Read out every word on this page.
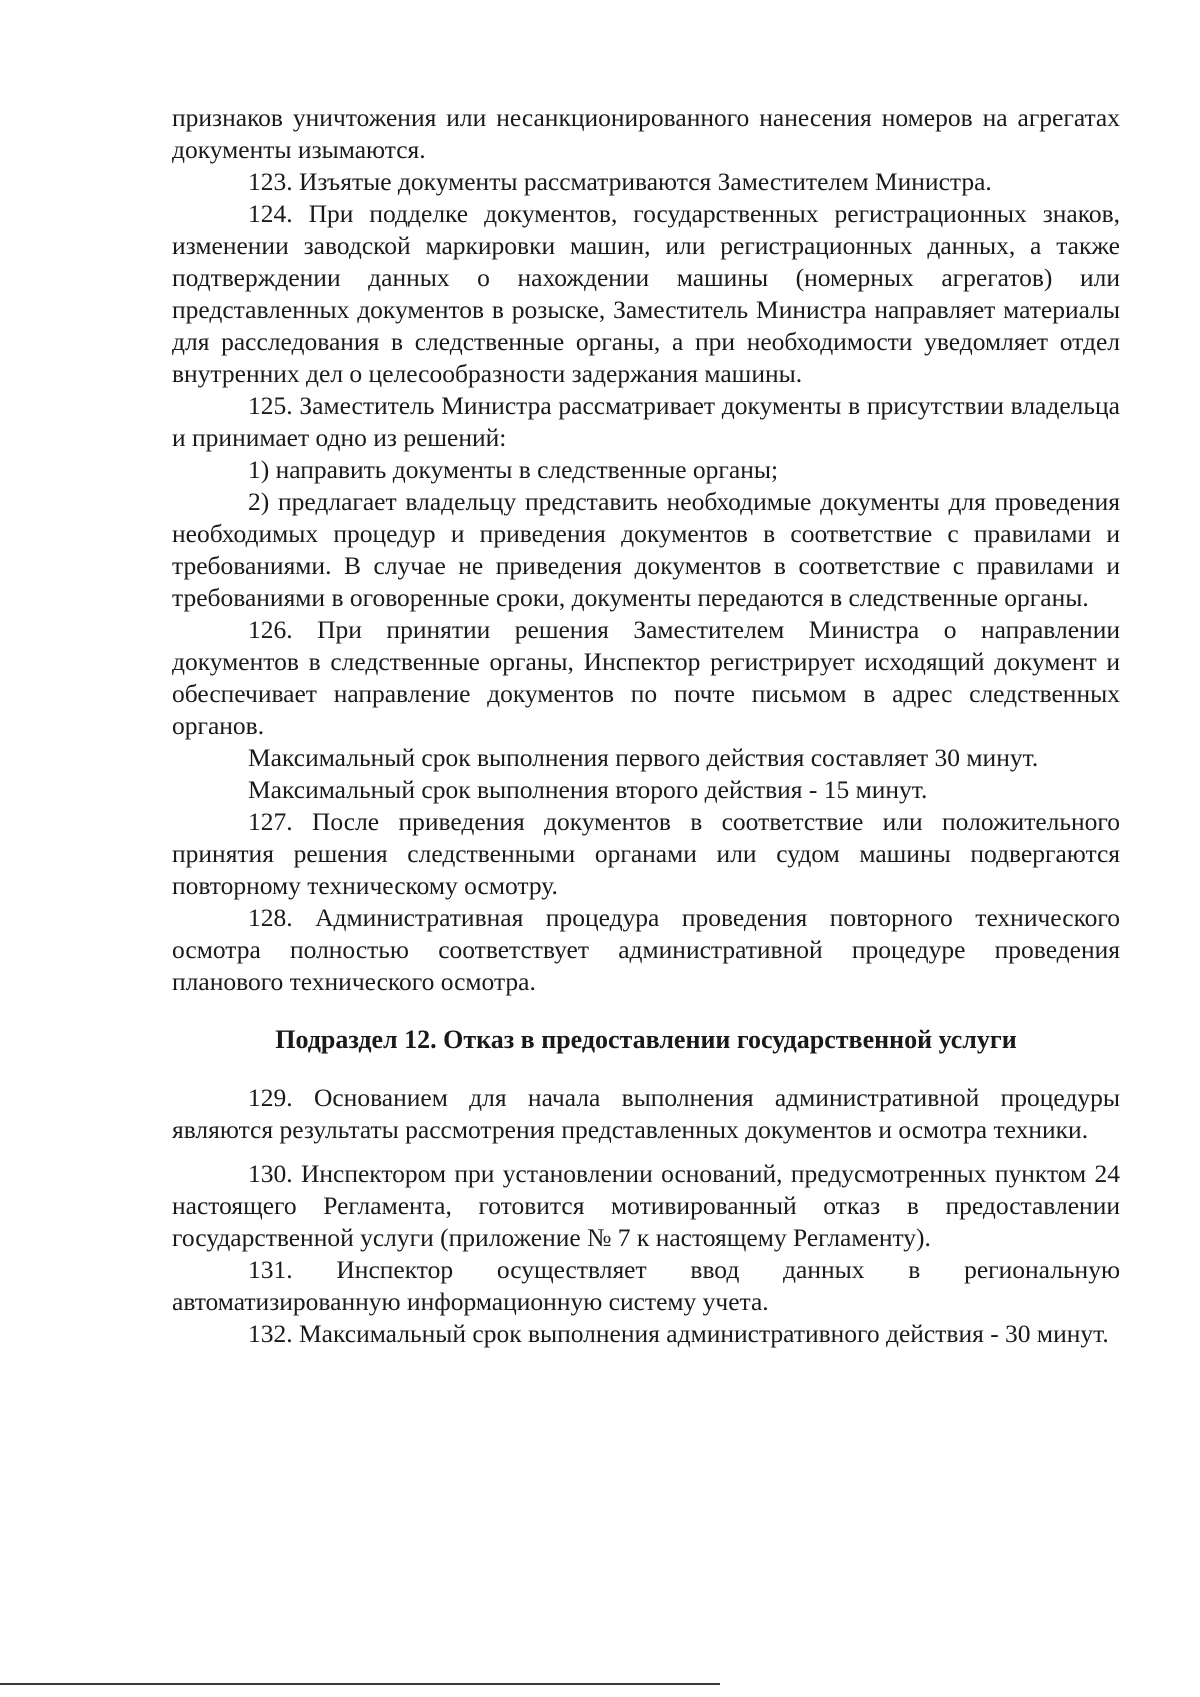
признаков уничтожения или несанкционированного нанесения номеров на агрегатах документы изымаются.

123. Изъятые документы рассматриваются Заместителем Министра.

124. При подделке документов, государственных регистрационных знаков, изменении заводской маркировки машин, или регистрационных данных, а также подтверждении данных о нахождении машины (номерных агрегатов) или представленных документов в розыске, Заместитель Министра направляет материалы для расследования в следственные органы, а при необходимости уведомляет отдел внутренних дел о целесообразности задержания машины.

125. Заместитель Министра рассматривает документы в присутствии владельца и принимает одно из решений:

1) направить документы в следственные органы;

2) предлагает владельцу представить необходимые документы для проведения необходимых процедур и приведения документов в соответствие с правилами и требованиями. В случае не приведения документов в соответствие с правилами и требованиями в оговоренные сроки, документы передаются в следственные органы.

126. При принятии решения Заместителем Министра о направлении документов в следственные органы, Инспектор регистрирует исходящий документ и обеспечивает направление документов по почте письмом в адрес следственных органов.

Максимальный срок выполнения первого действия составляет 30 минут.

Максимальный срок выполнения второго действия - 15 минут.

127. После приведения документов в соответствие или положительного принятия решения следственными органами или судом машины подвергаются повторному техническому осмотру.

128. Административная процедура проведения повторного технического осмотра полностью соответствует административной процедуре проведения планового технического осмотра.

Подраздел 12. Отказ в предоставлении государственной услуги

129. Основанием для начала выполнения административной процедуры являются результаты рассмотрения представленных документов и осмотра техники.

130. Инспектором при установлении оснований, предусмотренных пунктом 24 настоящего Регламента, готовится мотивированный отказ в предоставлении государственной услуги (приложение № 7 к настоящему Регламенту).

131. Инспектор осуществляет ввод данных в региональную автоматизированную информационную систему учета.

132. Максимальный срок выполнения административного действия - 30 минут.
